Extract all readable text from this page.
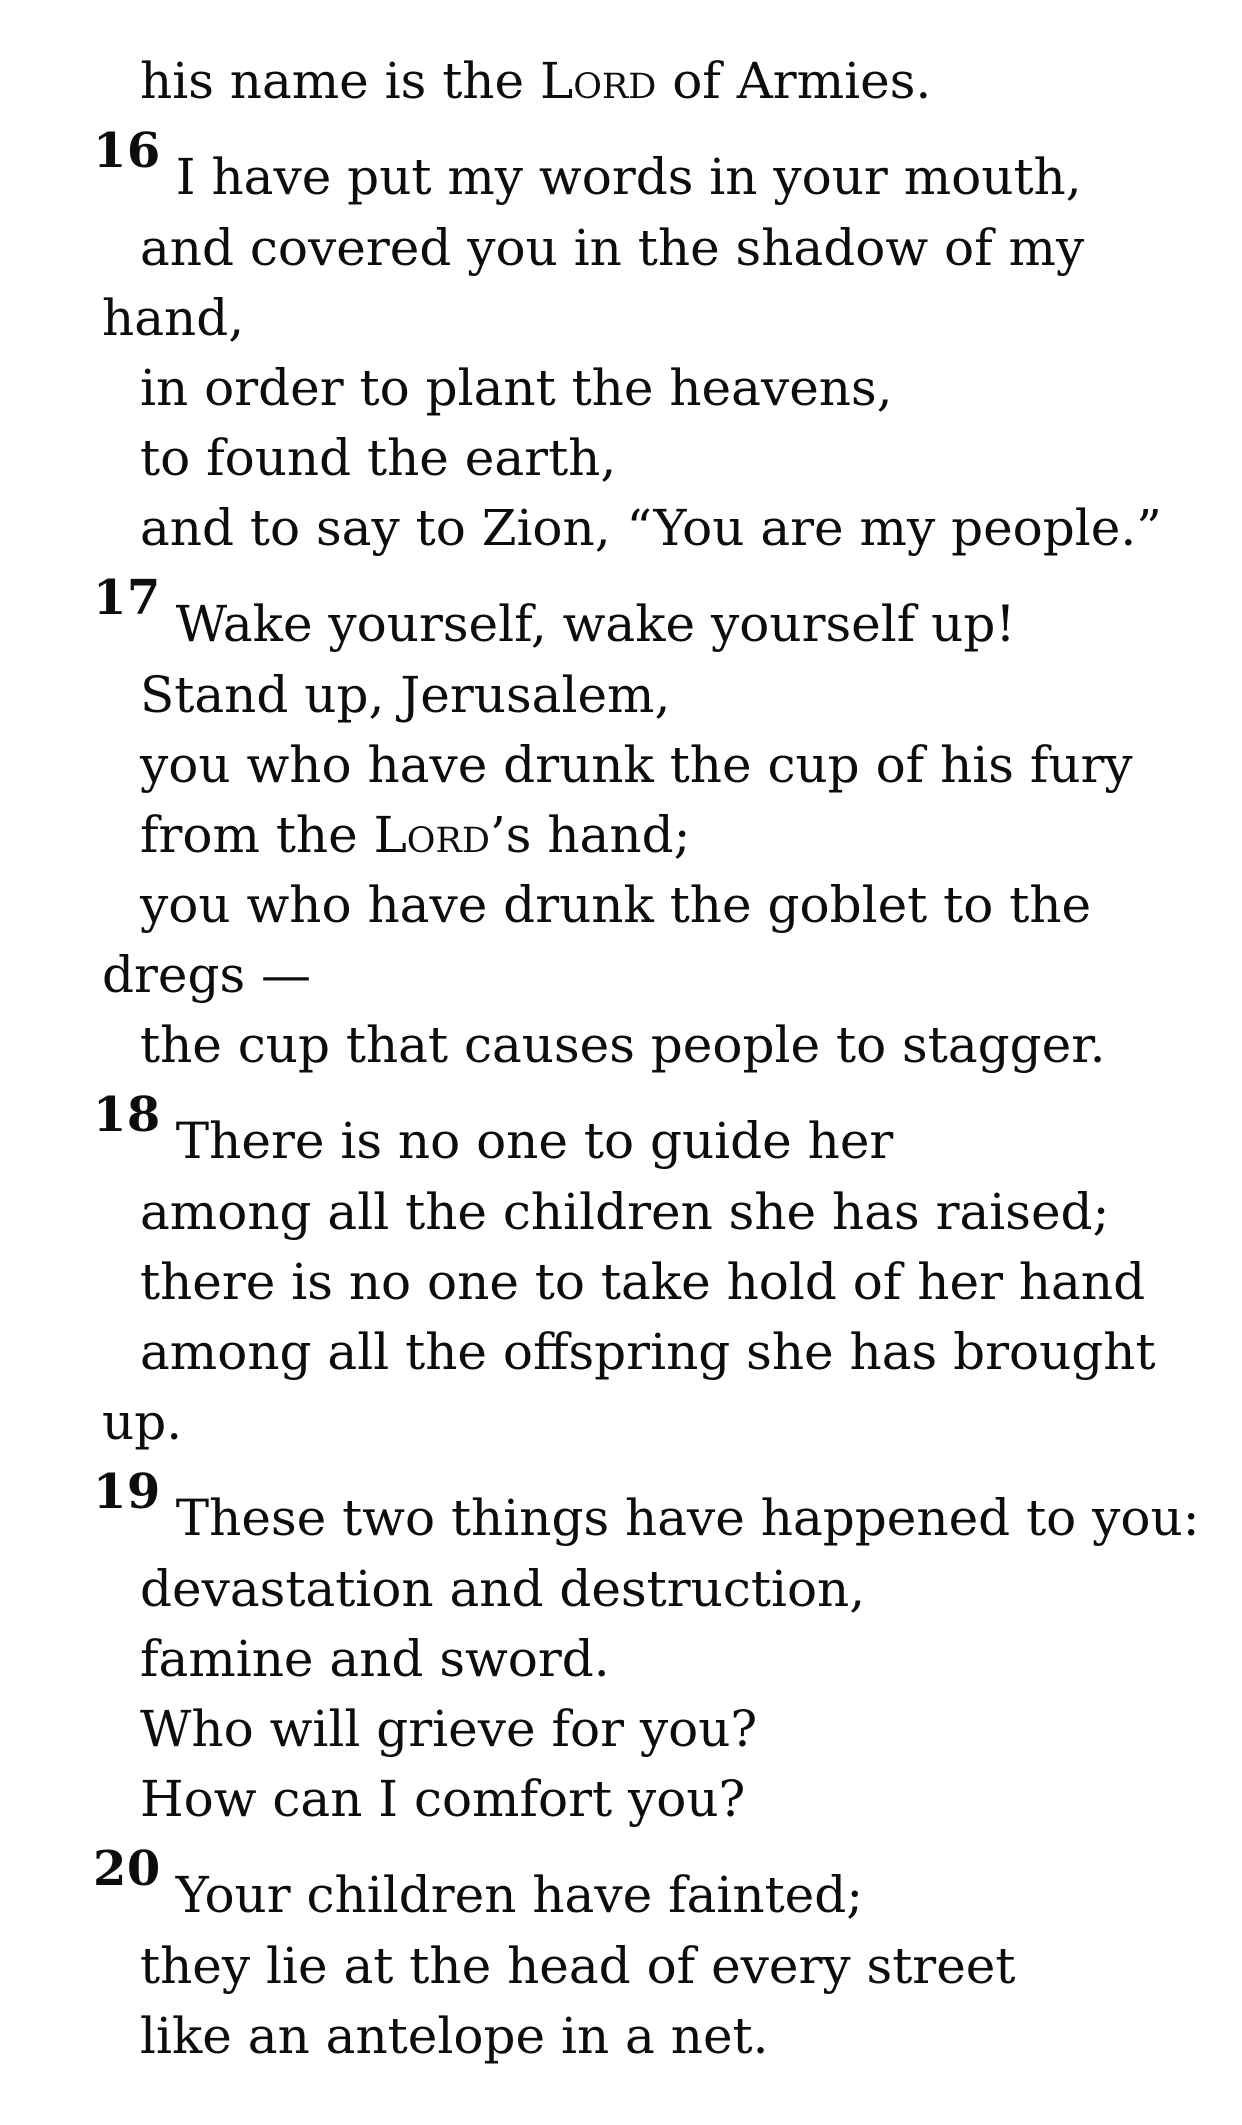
his name is the Lord of Armies.
16 I have put my words in your mouth,
and covered you in the shadow of my
hand,
in order to plant the heavens,
to found the earth,
and to say to Zion, “You are my people.”
17 Wake yourself, wake yourself up!
Stand up, Jerusalem,
you who have drunk the cup of his fury
from the Lord’s hand;
you who have drunk the goblet to the
dregs —
the cup that causes people to stagger.
18 There is no one to guide her
among all the children she has raised;
there is no one to take hold of her hand
among all the offspring she has brought
up.
19 These two things have happened to you:
devastation and destruction,
famine and sword.
Who will grieve for you?
How can I comfort you?
20 Your children have fainted;
they lie at the head of every street
like an antelope in a net.
